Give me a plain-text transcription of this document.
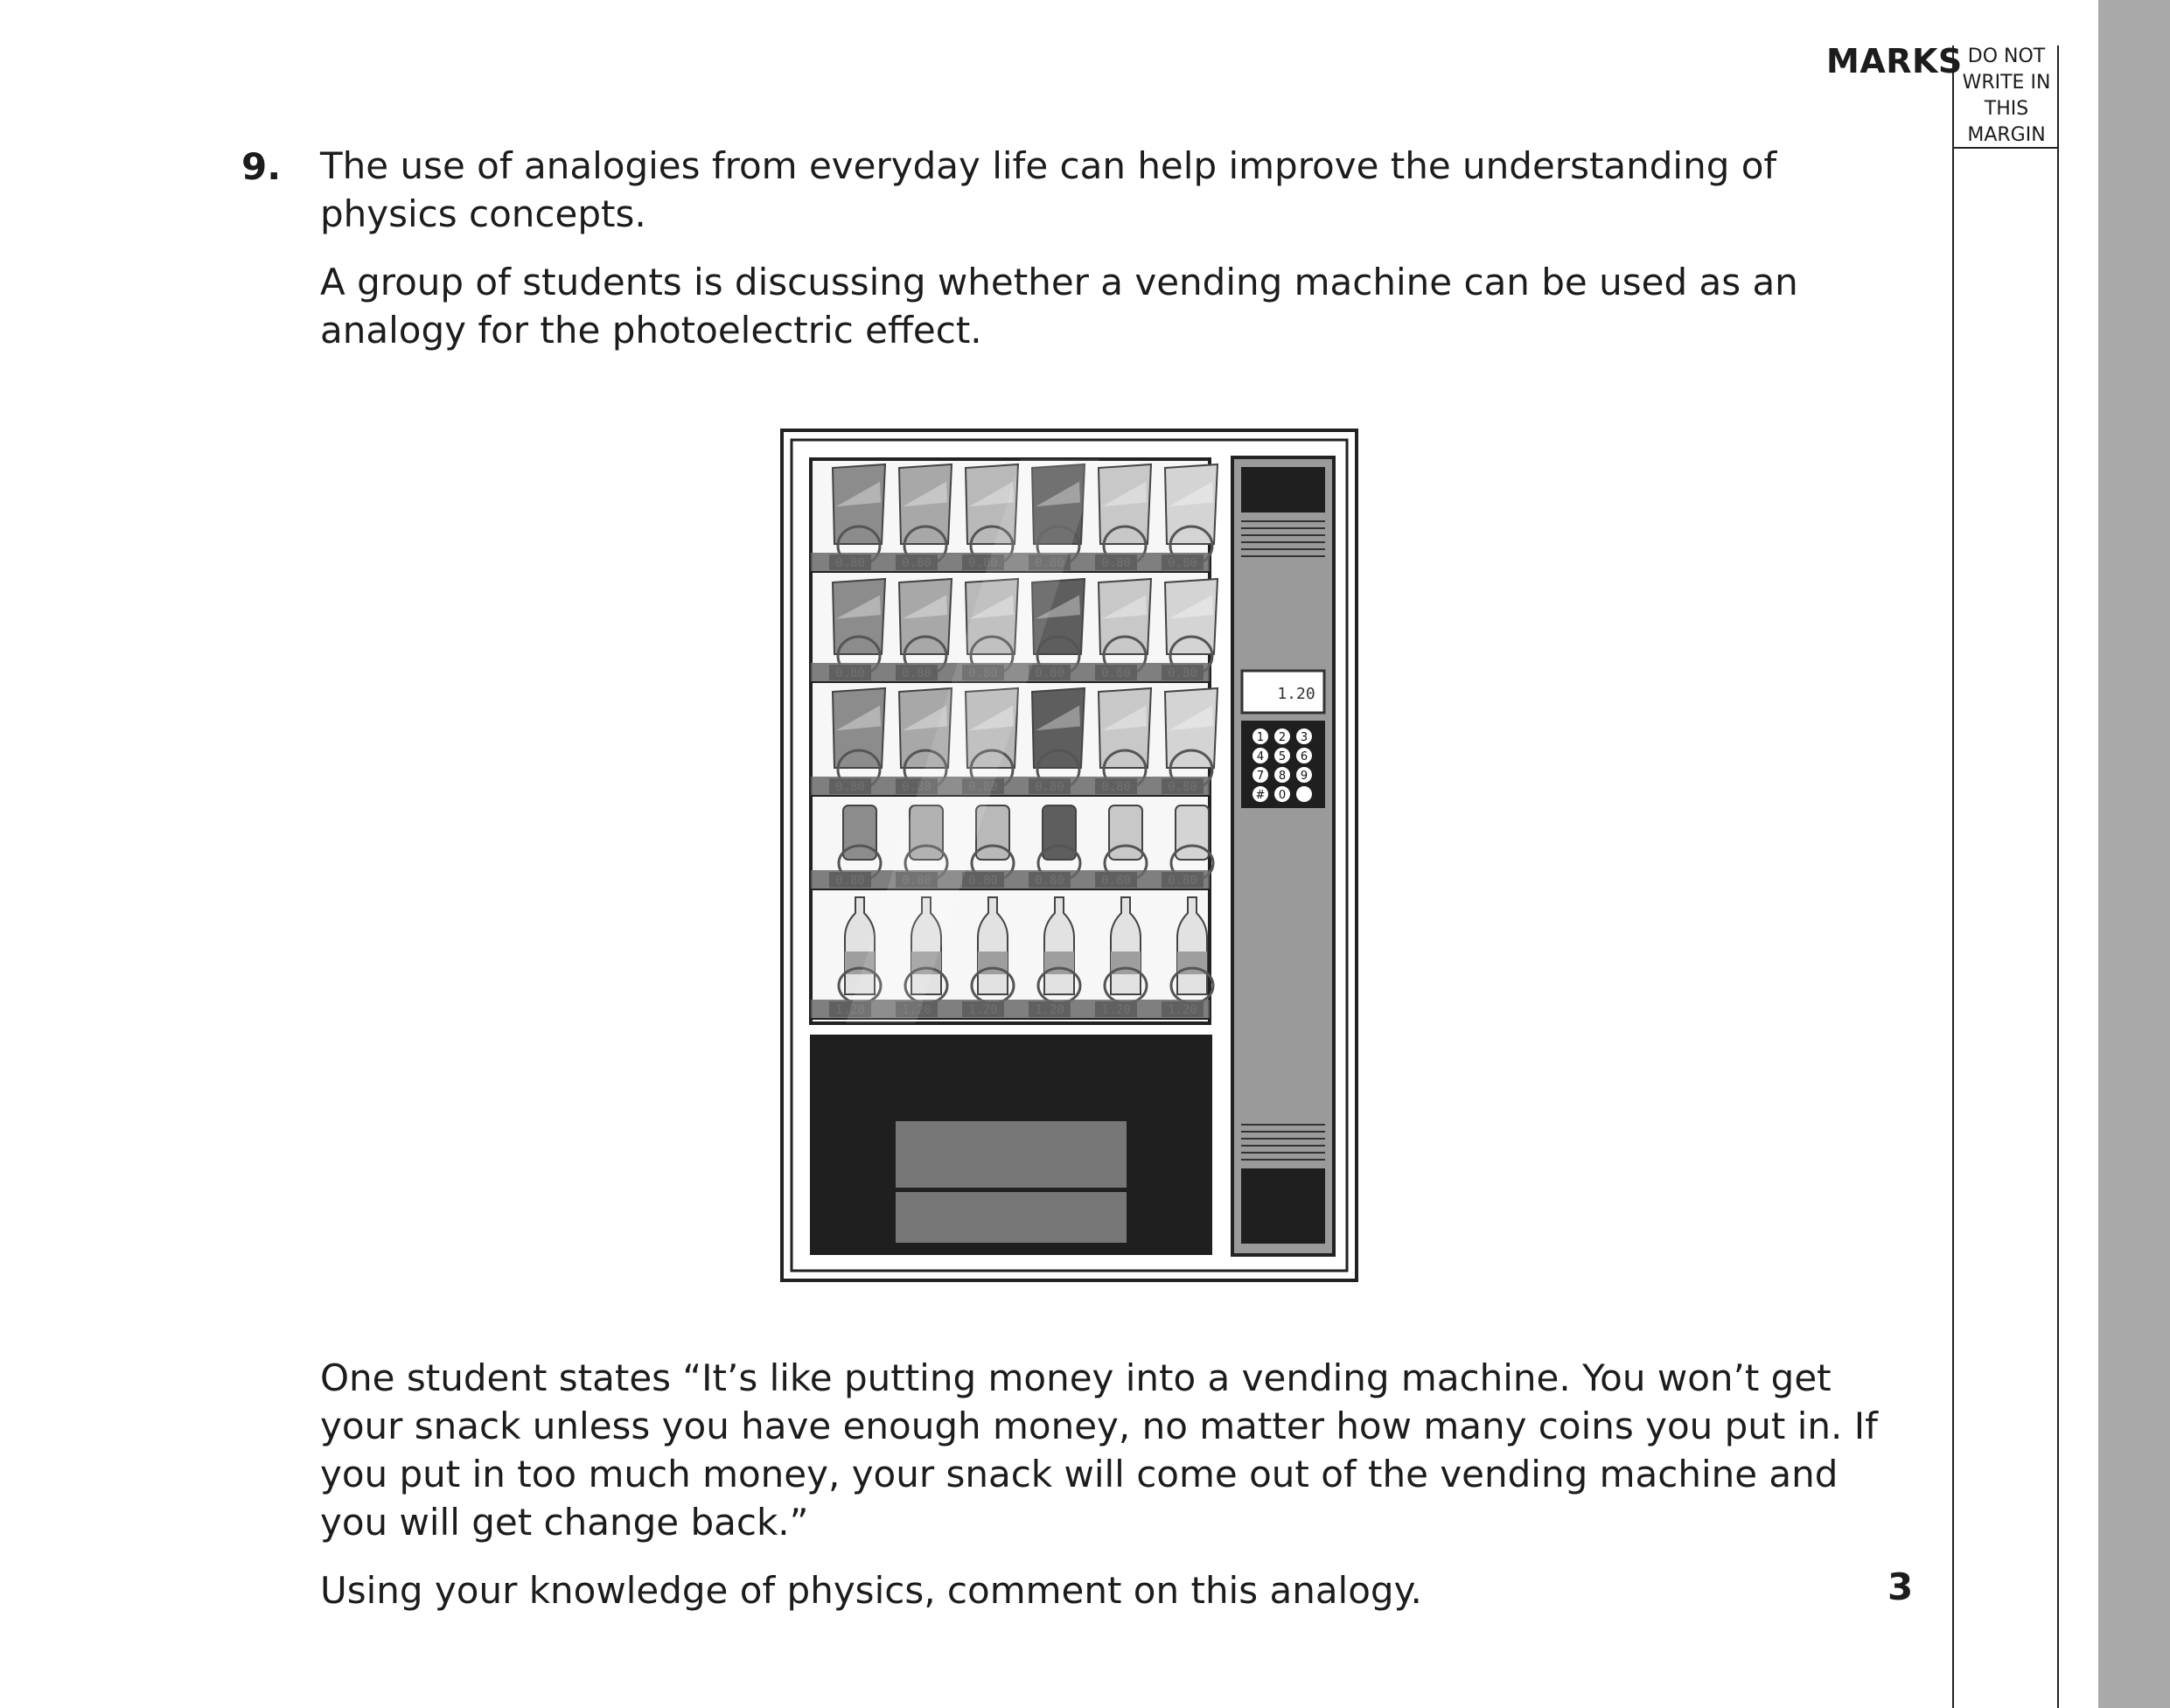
MARKS DO NOT
WRITE IN
THIS
MARGIN
9. The use of analogies from everyday life can help improve the understanding of
physics concepts.
A group of students is discussing whether a vending machine can be used as an
analogy for the photoelectric effect.
One student states “It’s like putting money into a vending machine. You won’t get
your snack unless you have enough money, no matter how many coins you put in. If
you put in too much money, your snack will come out of the vending machine and
you will get change back.”
Using your knowledge of physics, comment on this analogy.	3
1.20
1 2 3
4 5 6
7 8 9
# 0
